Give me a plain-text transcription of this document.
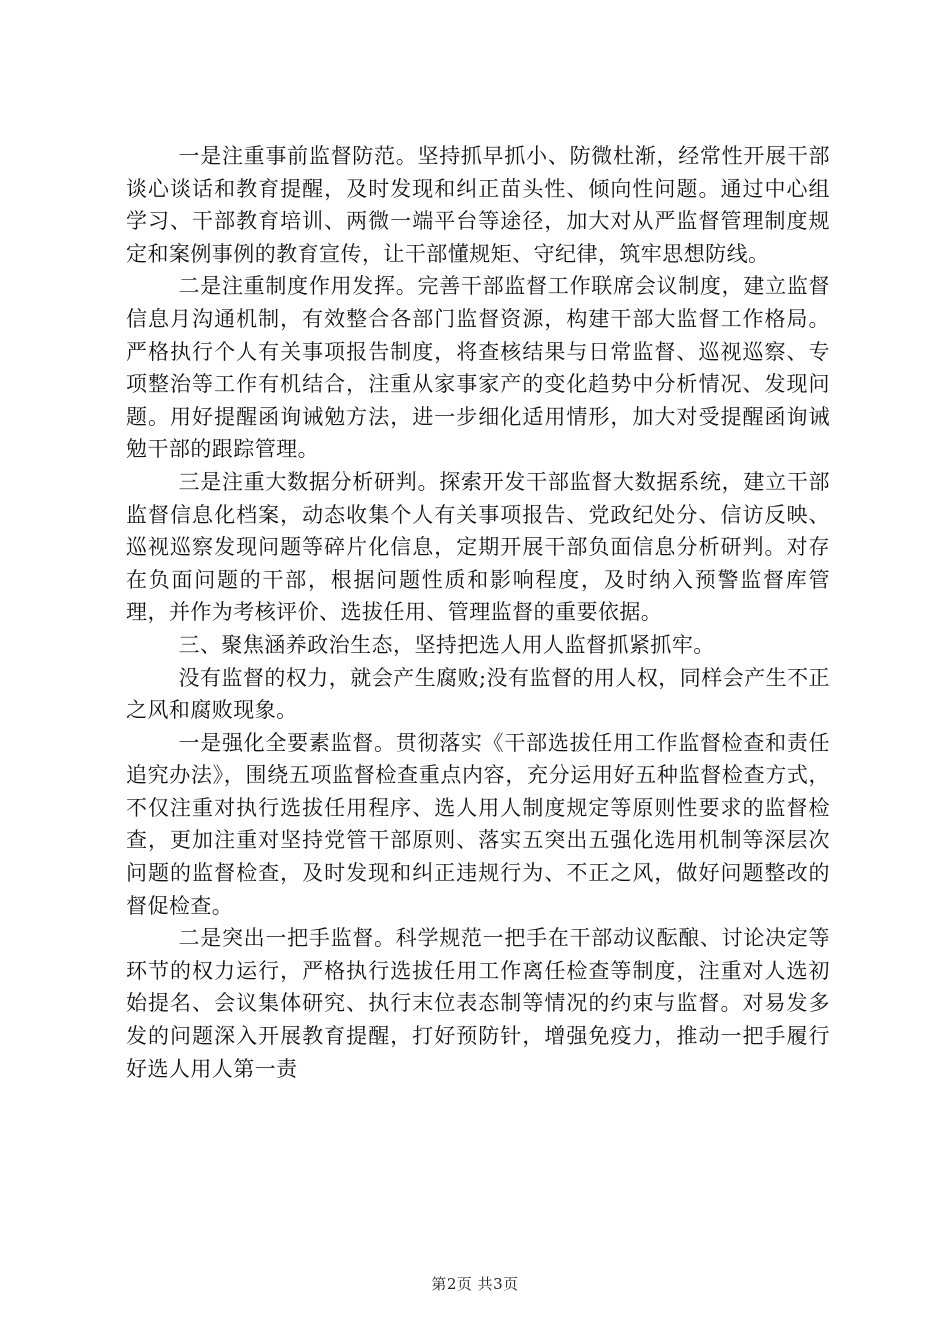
一是注重事前监督防范。坚持抓早抓小、防微杜渐，经常性开展干部谈心谈话和教育提醒，及时发现和纠正苗头性、倾向性问题。通过中心组学习、干部教育培训、两微一端平台等途径，加大对从严监督管理制度规定和案例事例的教育宣传，让干部懂规矩、守纪律，筑牢思想防线。

二是注重制度作用发挥。完善干部监督工作联席会议制度，建立监督信息月沟通机制，有效整合各部门监督资源，构建干部大监督工作格局。严格执行个人有关事项报告制度，将查核结果与日常监督、巡视巡察、专项整治等工作有机结合，注重从家事家产的变化趋势中分析情况、发现问题。用好提醒函询诫勉方法，进一步细化适用情形，加大对受提醒函询诫勉干部的跟踪管理。

三是注重大数据分析研判。探索开发干部监督大数据系统，建立干部监督信息化档案，动态收集个人有关事项报告、党政纪处分、信访反映、巡视巡察发现问题等碎片化信息，定期开展干部负面信息分析研判。对存在负面问题的干部，根据问题性质和影响程度，及时纳入预警监督库管理，并作为考核评价、选拔任用、管理监督的重要依据。

三、聚焦涵养政治生态，坚持把选人用人监督抓紧抓牢。

没有监督的权力，就会产生腐败;没有监督的用人权，同样会产生不正之风和腐败现象。

一是强化全要素监督。贯彻落实《干部选拔任用工作监督检查和责任追究办法》，围绕五项监督检查重点内容，充分运用好五种监督检查方式，不仅注重对执行选拔任用程序、选人用人制度规定等原则性要求的监督检查，更加注重对坚持党管干部原则、落实五突出五强化选用机制等深层次问题的监督检查，及时发现和纠正违规行为、不正之风，做好问题整改的督促检查。

二是突出一把手监督。科学规范一把手在干部动议酝酿、讨论决定等环节的权力运行，严格执行选拔任用工作离任检查等制度，注重对人选初始提名、会议集体研究、执行末位表态制等情况的约束与监督。对易发多发的问题深入开展教育提醒，打好预防针，增强免疫力，推动一把手履行好选人用人第一责

第2页 共3页
